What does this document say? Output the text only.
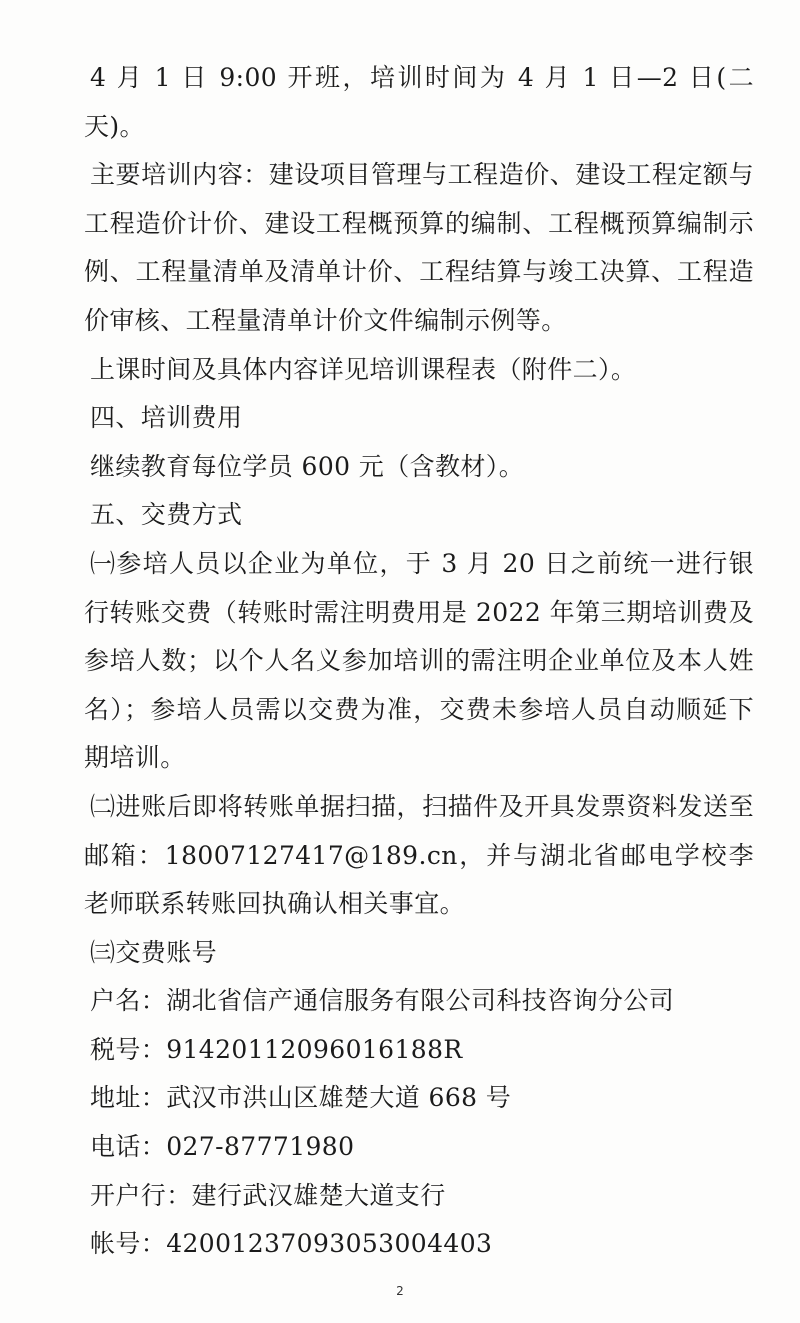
4 月 1 日 9:00 开班，培训时间为 4 月 1 日—2 日(二天)。

主要培训内容：建设项目管理与工程造价、建设工程定额与工程造价计价、建设工程概预算的编制、工程概预算编制示例、工程量清单及清单计价、工程结算与竣工决算、工程造价审核、工程量清单计价文件编制示例等。

上课时间及具体内容详见培训课程表（附件二）。

四、培训费用

继续教育每位学员 600 元（含教材）。

五、交费方式

㈠参培人员以企业为单位，于 3 月 20 日之前统一进行银行转账交费（转账时需注明费用是 2022 年第三期培训费及参培人数；以个人名义参加培训的需注明企业单位及本人姓名）；参培人员需以交费为准，交费未参培人员自动顺延下期培训。

㈡进账后即将转账单据扫描，扫描件及开具发票资料发送至邮箱：18007127417@189.cn，并与湖北省邮电学校李老师联系转账回执确认相关事宜。

㈢交费账号

户名：湖北省信产通信服务有限公司科技咨询分公司

税号：91420112096016188R

地址：武汉市洪山区雄楚大道 668 号

电话：027-87771980

开户行：建行武汉雄楚大道支行

帐号：42001237093053004403

2
